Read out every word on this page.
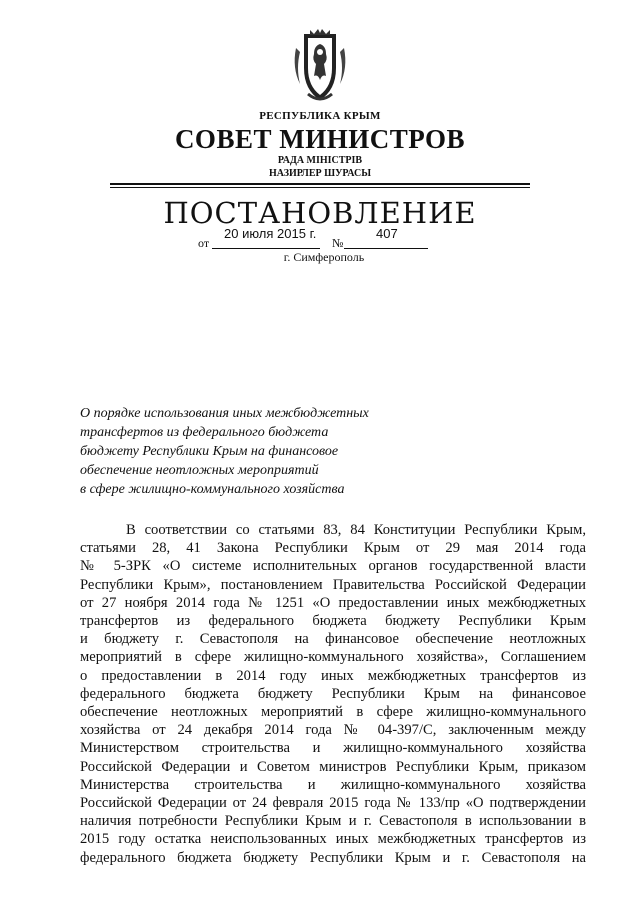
РЕСПУБЛИКА КРЫМ
СОВЕТ МИНИСТРОВ
РАДА МІНІСТРІВ
НАЗИРЛЕР ШУРАСЫ
ПОСТАНОВЛЕНИЕ
от
20 июля 2015 г.
№
407
г. Симферополь
О порядке использования иных межбюджетных
трансфертов из федерального бюджета
бюджету Республики Крым на финансовое
обеспечение неотложных мероприятий
в сфере жилищно-коммунального хозяйства
В соответствии со статьями 83, 84 Конституции Республики Крым,
статьями 28, 41 Закона Республики Крым от 29 мая 2014 года
№ 5-ЗРК «О системе исполнительных органов государственной власти
Республики Крым», постановлением Правительства Российской Федерации
от 27 ноября 2014 года № 1251 «О предоставлении иных межбюджетных
трансфертов из федерального бюджета бюджету Республики Крым
и бюджету г. Севастополя на финансовое обеспечение неотложных
мероприятий в сфере жилищно-коммунального хозяйства», Соглашением
о предоставлении в 2014 году иных межбюджетных трансфертов из
федерального бюджета бюджету Республики Крым на финансовое
обеспечение неотложных мероприятий в сфере жилищно-коммунального
хозяйства от 24 декабря 2014 года № 04-397/С, заключенным между
Министерством строительства и жилищно-коммунального хозяйства
Российской Федерации и Советом министров Республики Крым, приказом
Министерства строительства и жилищно-коммунального хозяйства
Российской Федерации от 24 февраля 2015 года № 133/пр «О подтверждении
наличия потребности Республики Крым и г. Севастополя в использовании в
2015 году остатка неиспользованных иных межбюджетных трансфертов из
федерального бюджета бюджету Республики Крым и г. Севастополя на
